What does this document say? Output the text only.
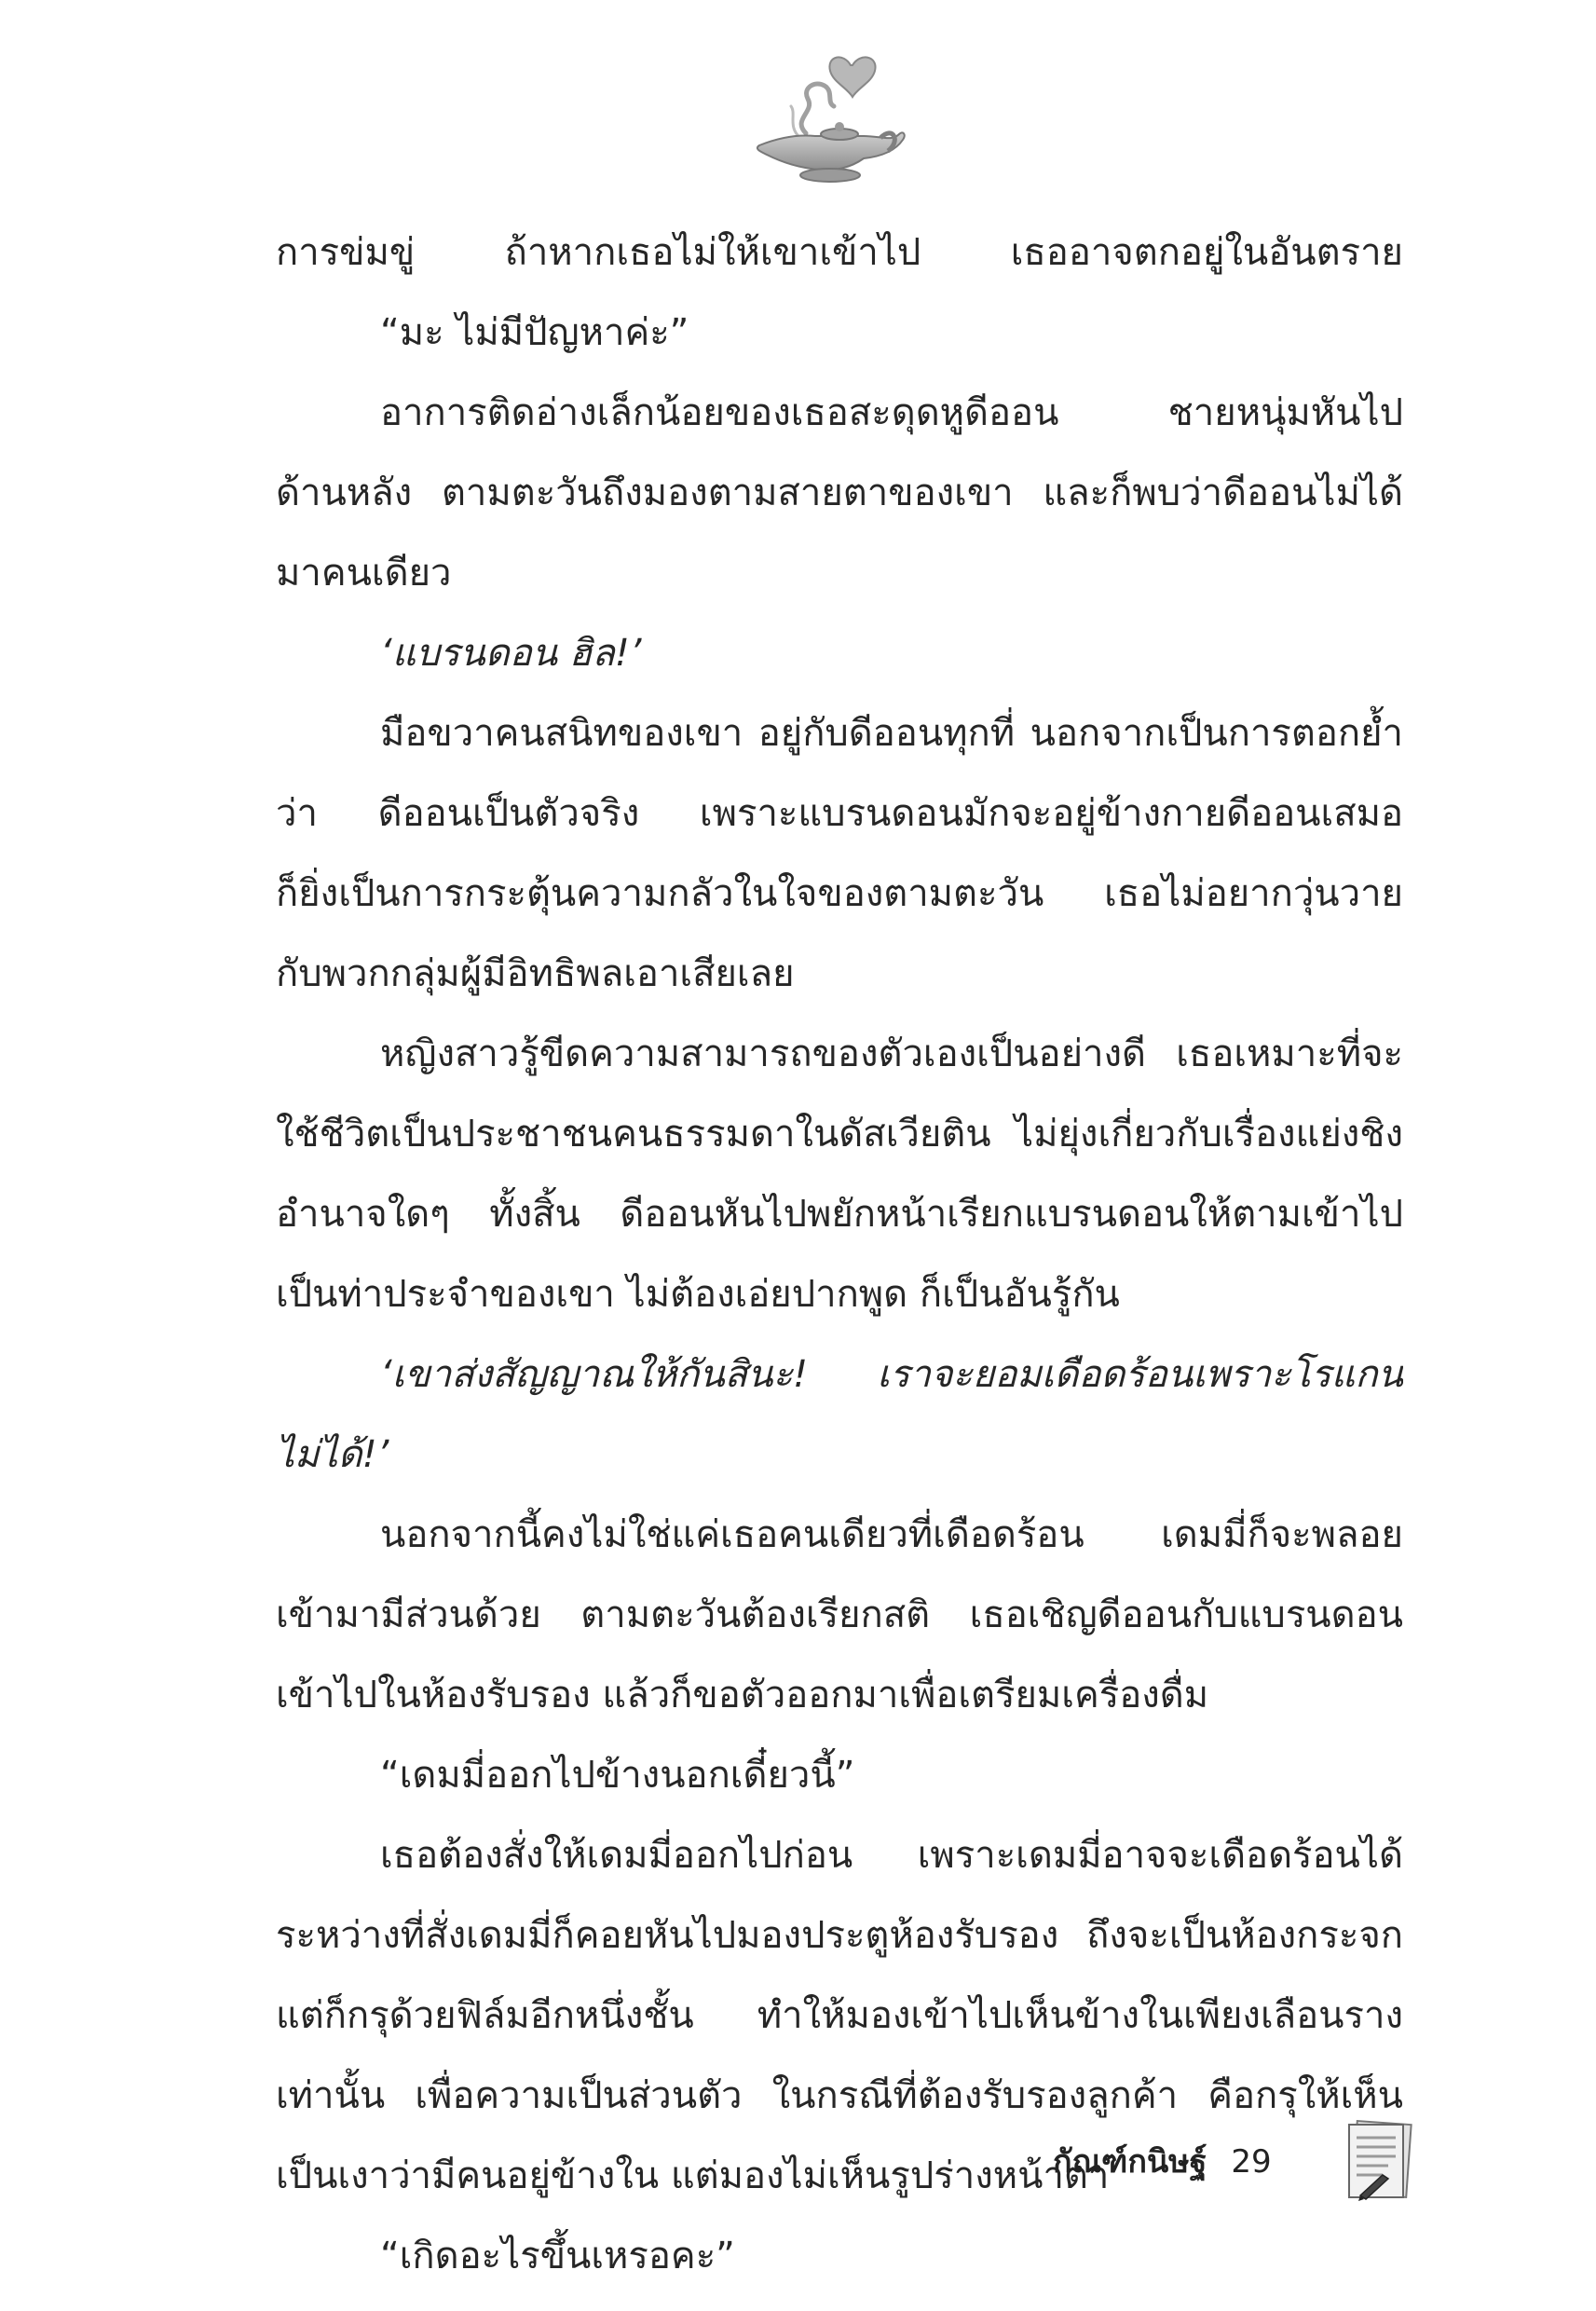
การข่มขู่ ถ้าหากเธอไม่ให้เขาเข้าไป เธออาจตกอยู่ในอันตราย
“มะ ไม่มีปัญหาค่ะ”
อาการติดอ่างเล็กน้อยของเธอสะดุดหูดีออน ชายหนุ่มหันไป
ด้านหลัง ตามตะวันถึงมองตามสายตาของเขา และก็พบว่าดีออนไม่ได้
มาคนเดียว
‘แบรนดอน ฮิล!’
มือขวาคนสนิทของเขา อยู่กับดีออนทุกที่ นอกจากเป็นการตอกย้ำ
ว่า ดีออนเป็นตัวจริง เพราะแบรนดอนมักจะอยู่ข้างกายดีออนเสมอ
ก็ยิ่งเป็นการกระตุ้นความกลัวในใจของตามตะวัน เธอไม่อยากวุ่นวาย
กับพวกกลุ่มผู้มีอิทธิพลเอาเสียเลย
หญิงสาวรู้ขีดความสามารถของตัวเองเป็นอย่างดี เธอเหมาะที่จะ
ใช้ชีวิตเป็นประชาชนคนธรรมดาในดัสเวียติน ไม่ยุ่งเกี่ยวกับเรื่องแย่งชิง
อำนาจใดๆ ทั้งสิ้น ดีออนหันไปพยักหน้าเรียกแบรนดอนให้ตามเข้าไป
เป็นท่าประจำของเขา ไม่ต้องเอ่ยปากพูด ก็เป็นอันรู้กัน
‘เขาส่งสัญญาณให้กันสินะ! เราจะยอมเดือดร้อนเพราะโรแกน
ไม่ได้!’
นอกจากนี้คงไม่ใช่แค่เธอคนเดียวที่เดือดร้อน เดมมี่ก็จะพลอย
เข้ามามีส่วนด้วย ตามตะวันต้องเรียกสติ เธอเชิญดีออนกับแบรนดอน
เข้าไปในห้องรับรอง แล้วก็ขอตัวออกมาเพื่อเตรียมเครื่องดื่ม
“เดมมี่ออกไปข้างนอกเดี๋ยวนี้”
เธอต้องสั่งให้เดมมี่ออกไปก่อน เพราะเดมมี่อาจจะเดือดร้อนได้
ระหว่างที่สั่งเดมมี่ก็คอยหันไปมองประตูห้องรับรอง ถึงจะเป็นห้องกระจก
แต่ก็กรุด้วยฟิล์มอีกหนึ่งชั้น ทำให้มองเข้าไปเห็นข้างในเพียงเลือนราง
เท่านั้น เพื่อความเป็นส่วนตัว ในกรณีที่ต้องรับรองลูกค้า คือกรุให้เห็น
เป็นเงาว่ามีคนอยู่ข้างใน แต่มองไม่เห็นรูปร่างหน้าตา
“เกิดอะไรขึ้นเหรอคะ”
กัณฑ์กนิษฐ์ 29
